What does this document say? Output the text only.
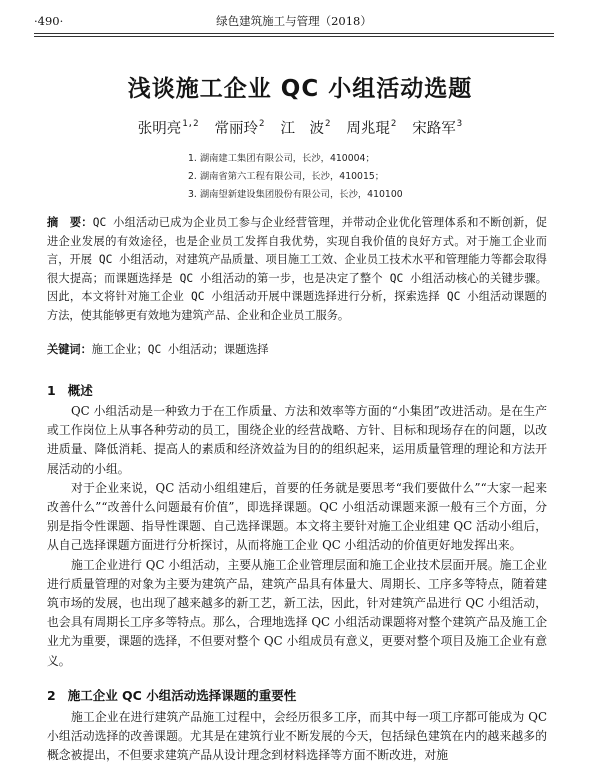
·490·	绿色建筑施工与管理（2018）
浅谈施工企业 QC 小组活动选题
张明亮$^{1,2}$ 常丽玲$^2$ 江　波$^2$ 周兆琨$^2$ 宋路军$^3$
1. 湖南建工集团有限公司，长沙，410004；
2. 湖南省第六工程有限公司，长沙，410015；
3. 湖南望新建设集团股份有限公司，长沙，410100
摘　要：QC 小组活动已成为企业员工参与企业经营管理，并带动企业优化管理体系和不断创新，促进企业发展的有效途径，也是企业员工发挥自我优势，实现自我价值的良好方式。对于施工企业而言，开展 QC 小组活动，对建筑产品质量、项目施工工效、企业员工技术水平和管理能力等都会取得很大提高；而课题选择是 QC 小组活动的第一步，也是决定了整个 QC 小组活动核心的关键步骤。因此，本文将针对施工企业 QC 小组活动开展中课题选择进行分析，探索选择 QC 小组活动课题的方法，使其能够更有效地为建筑产品、企业和企业员工服务。
关键词：施工企业；QC 小组活动；课题选择
1 概述

QC 小组活动是一种致力于在工作质量、方法和效率等方面的“小集团”改进活动。是在生产或工作岗位上从事各种劳动的员工，围绕企业的经营战略、方针、目标和现场存在的问题，以改进质量、降低消耗、提高人的素质和经济效益为目的的组织起来，运用质量管理的理论和方法开展活动的小组。

对于企业来说，QC 活动小组组建后，首要的任务就是要思考“我们要做什么”“大家一起来改善什么”“改善什么问题最有价值”，即选择课题。QC 小组活动课题来源一般有三个方面，分别是指令性课题、指导性课题、自己选择课题。本文将主要针对施工企业组建 QC 活动小组后，从自己选择课题方面进行分析探讨，从而将施工企业 QC 小组活动的价值更好地发挥出来。

施工企业进行 QC 小组活动，主要从施工企业管理层面和施工企业技术层面开展。施工企业进行质量管理的对象为主要为建筑产品，建筑产品具有体量大、周期长、工序多等特点，随着建筑市场的发展，也出现了越来越多的新工艺，新工法，因此，针对建筑产品进行 QC 小组活动，也会具有周期长工序多等特点。那么，合理地选择 QC 小组活动课题将对整个建筑产品及施工企业尤为重要，课题的选择，不但要对整个 QC 小组成员有意义，更要对整个项目及施工企业有意义。

2 施工企业 QC 小组活动选择课题的重要性

施工企业在进行建筑产品施工过程中，会经历很多工序，而其中每一项工序都可能成为 QC 小组活动选择的改善课题。尤其是在建筑行业不断发展的今天，包括绿色建筑在内的越来越多的概念被提出，不但要求建筑产品从设计理念到材料选择等方面不断改进，对施
